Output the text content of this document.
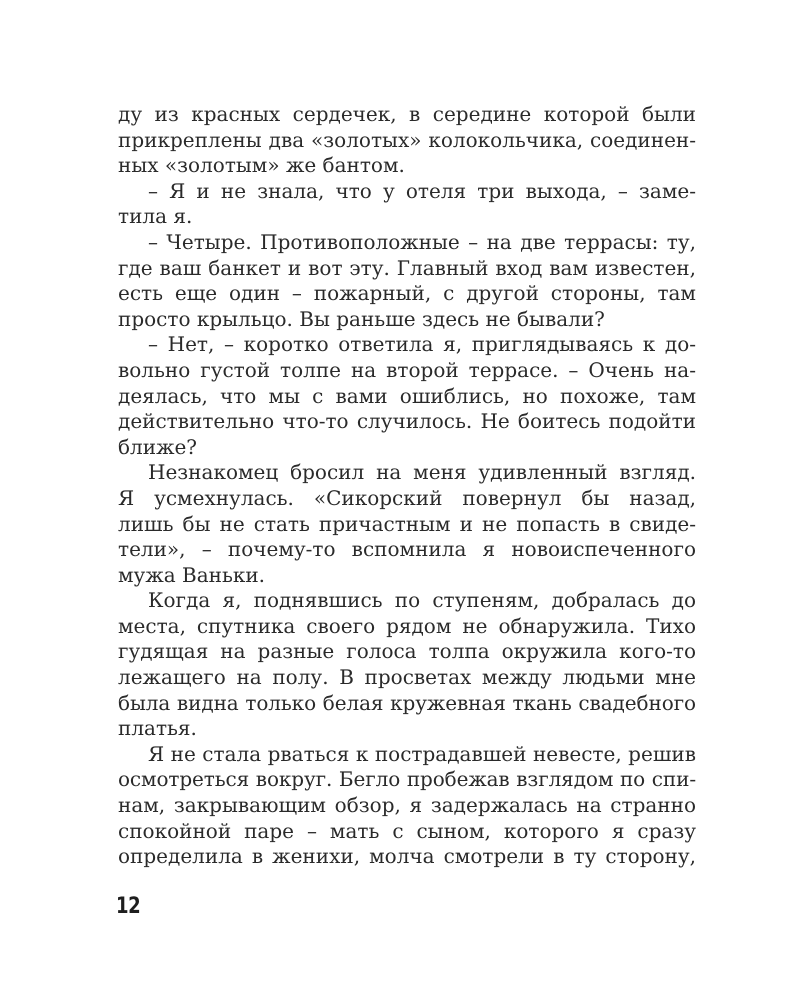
ду из красных сердечек, в середине которой были
прикреплены два «золотых» колокольчика, соединен-
ных «золотым» же бантом.
– Я и не знала, что у отеля три выхода, – заме-
тила я.
– Четыре. Противоположные – на две террасы: ту,
где ваш банкет и вот эту. Главный вход вам известен,
есть еще один – пожарный, с другой стороны, там
просто крыльцо. Вы раньше здесь не бывали?
– Нет, – коротко ответила я, приглядываясь к до-
вольно густой толпе на второй террасе. – Очень на-
деялась, что мы с вами ошиблись, но похоже, там
действительно что-то случилось. Не боитесь подойти
ближе?
Незнакомец бросил на меня удивленный взгляд.
Я усмехнулась. «Сикорский повернул бы назад,
лишь бы не стать причастным и не попасть в свиде-
тели», – почему-то вспомнила я новоиспеченного
мужа Ваньки.
Когда я, поднявшись по ступеням, добралась до
места, спутника своего рядом не обнаружила. Тихо
гудящая на разные голоса толпа окружила кого-то
лежащего на полу. В просветах между людьми мне
была видна только белая кружевная ткань свадебного
платья.
Я не стала рваться к пострадавшей невесте, решив
осмотреться вокруг. Бегло пробежав взглядом по спи-
нам, закрывающим обзор, я задержалась на странно
спокойной паре – мать с сыном, которого я сразу
определила в женихи, молча смотрели в ту сторону,
12
